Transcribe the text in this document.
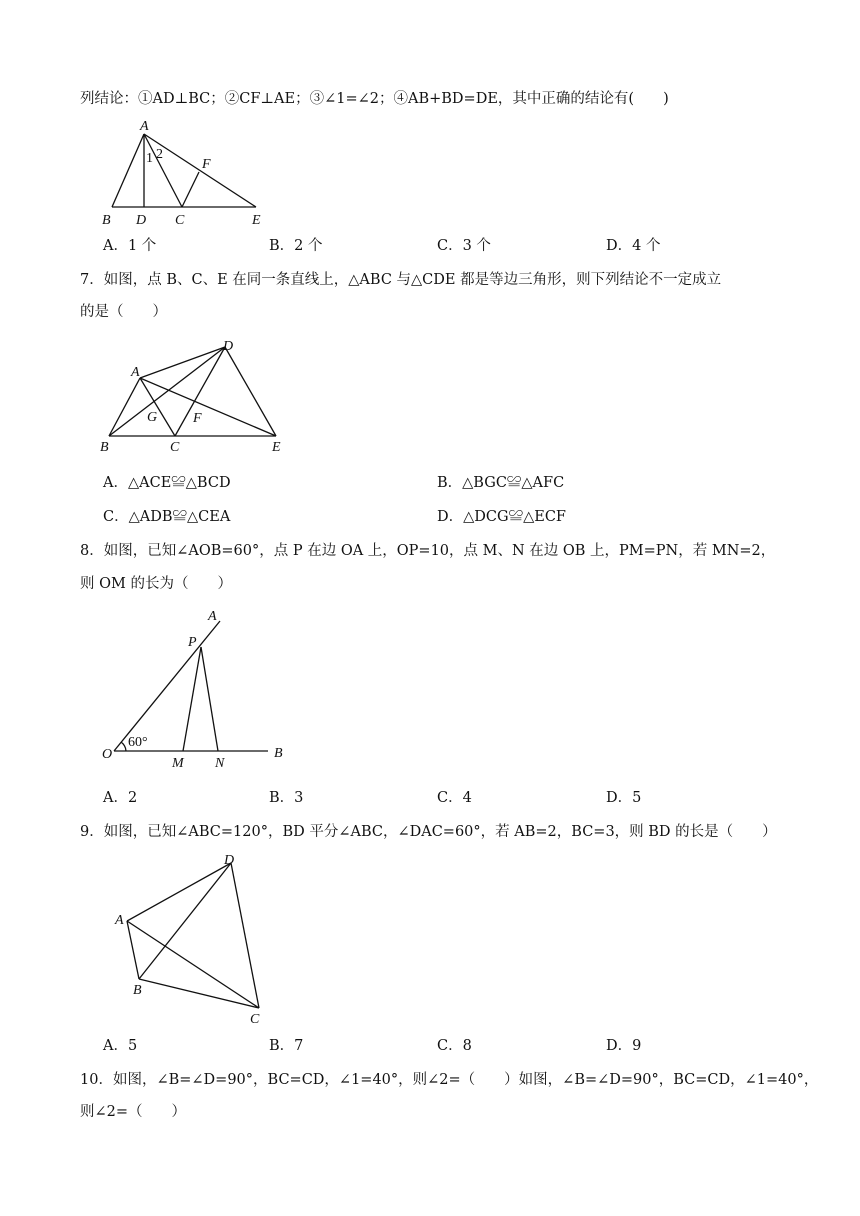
列结论：①AD⊥BC；②CF⊥AE；③∠1=∠2；④AB+BD=DE，其中正确的结论有(　　)
A
1 2
F
B D C	E
A．1 个	B．2 个	C．3 个	D．4 个
7．如图，点 B、C、E 在同一条直线上，△ABC 与△CDE 都是等边三角形，则下列结论不一定成立
的是（　　）
A
D
G	F
B	C	E
A．△ACE≌△BCD	B．△BGC≌△AFC
C．△ADB≌△CEA	D．△DCG≌△ECF
8．如图，已知∠AOB=60°，点 P 在边 OA 上，OP=10，点 M、N 在边 OB 上，PM=PN，若 MN=2，
则 OM 的长为（　　）
A
P
60°
O
M N
B
A．2	B．3	C．4	D．5
9．如图，已知∠ABC=120°，BD 平分∠ABC，∠DAC=60°，若 AB=2，BC=3，则 BD 的长是（　　）
D
A
B
C
A．5	B．7	C．8	D．9
10．如图，∠B=∠D=90°，BC=CD，∠1=40°，则∠2=（　　）如图，∠B=∠D=90°，BC=CD，∠1=40°，
则∠2=（　　）
